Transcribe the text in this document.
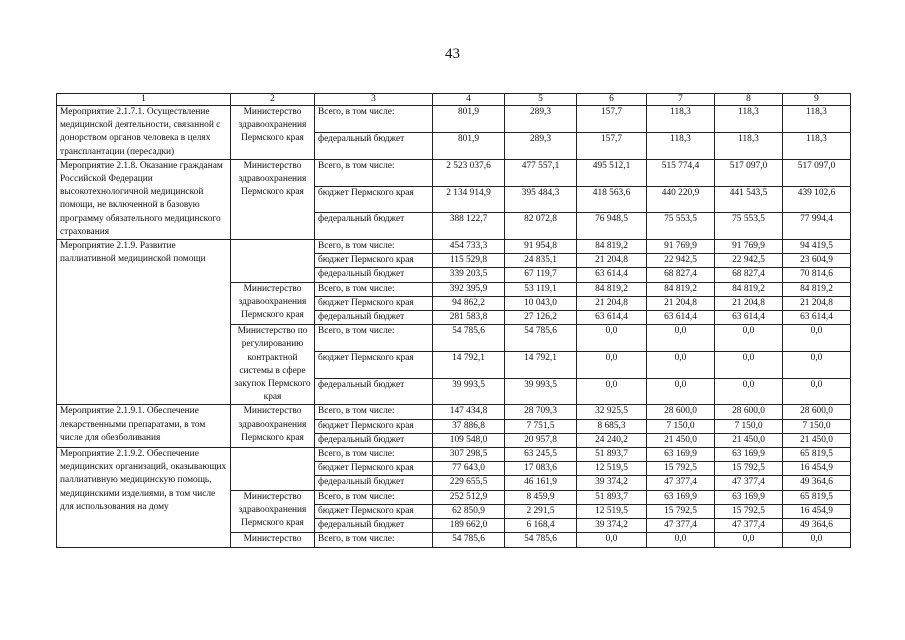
43
1	2	3	4	5	6	7	8	9
Мероприятие 2.1.7.1. Осуществление медицинской деятельности, связанной с донорством органов человека в целях трансплантации (пересадки)	Министерство здравоохранения Пермского края	Всего, в том числе:	801,9	289,3	157,7	118,3	118,3	118,3
		федеральный бюджет	801,9	289,3	157,7	118,3	118,3	118,3
Мероприятие 2.1.8. Оказание гражданам Российской Федерации высокотехнологичной медицинской помощи, не включенной в базовую программу обязательного медицинского страхования	Министерство здравоохранения Пермского края	Всего, в том числе:	2 523 037,6	477 557,1	495 512,1	515 774,4	517 097,0	517 097,0
		бюджет Пермского края	2 134 914,9	395 484,3	418 563,6	440 220,9	441 543,5	439 102,6
		федеральный бюджет	388 122,7	82 072,8	76 948,5	75 553,5	75 553,5	77 994,4
Мероприятие 2.1.9. Развитие паллиативной медицинской помощи		Всего, в том числе:	454 733,3	91 954,8	84 819,2	91 769,9	91 769,9	94 419,5
		бюджет Пермского края	115 529,8	24 835,1	21 204,8	22 942,5	22 942,5	23 604,9
		федеральный бюджет	339 203,5	67 119,7	63 614,4	68 827,4	68 827,4	70 814,6
	Министерство здравоохранения Пермского края	Всего, в том числе:	392 395,9	53 119,1	84 819,2	84 819,2	84 819,2	84 819,2
		бюджет Пермского края	94 862,2	10 043,0	21 204,8	21 204,8	21 204,8	21 204,8
		федеральный бюджет	281 583,8	27 126,2	63 614,4	63 614,4	63 614,4	63 614,4
	Министерство по регулированию контрактной системы в сфере закупок Пермского края	Всего, в том числе:	54 785,6	54 785,6	0,0	0,0	0,0	0,0
		бюджет Пермского края	14 792,1	14 792,1	0,0	0,0	0,0	0,0
		федеральный бюджет	39 993,5	39 993,5	0,0	0,0	0,0	0,0
Мероприятие 2.1.9.1. Обеспечение лекарственными препаратами, в том числе для обезболивания	Министерство здравоохранения Пермского края	Всего, в том числе:	147 434,8	28 709,3	32 925,5	28 600,0	28 600,0	28 600,0
		бюджет Пермского края	37 886,8	7 751,5	8 685,3	7 150,0	7 150,0	7 150,0
		федеральный бюджет	109 548,0	20 957,8	24 240,2	21 450,0	21 450,0	21 450,0
Мероприятие 2.1.9.2. Обеспечение медицинских организаций, оказывающих паллиативную медицинскую помощь, медицинскими изделиями, в том числе для использования на дому		Всего, в том числе:	307 298,5	63 245,5	51 893,7	63 169,9	63 169,9	65 819,5
		бюджет Пермского края	77 643,0	17 083,6	12 519,5	15 792,5	15 792,5	16 454,9
		федеральный бюджет	229 655,5	46 161,9	39 374,2	47 377,4	47 377,4	49 364,6
	Министерство здравоохранения Пермского края	Всего, в том числе:	252 512,9	8 459,9	51 893,7	63 169,9	63 169,9	65 819,5
		бюджет Пермского края	62 850,9	2 291,5	12 519,5	15 792,5	15 792,5	16 454,9
		федеральный бюджет	189 662,0	6 168,4	39 374,2	47 377,4	47 377,4	49 364,6
	Министерство	Всего, в том числе:	54 785,6	54 785,6	0,0	0,0	0,0	0,0
